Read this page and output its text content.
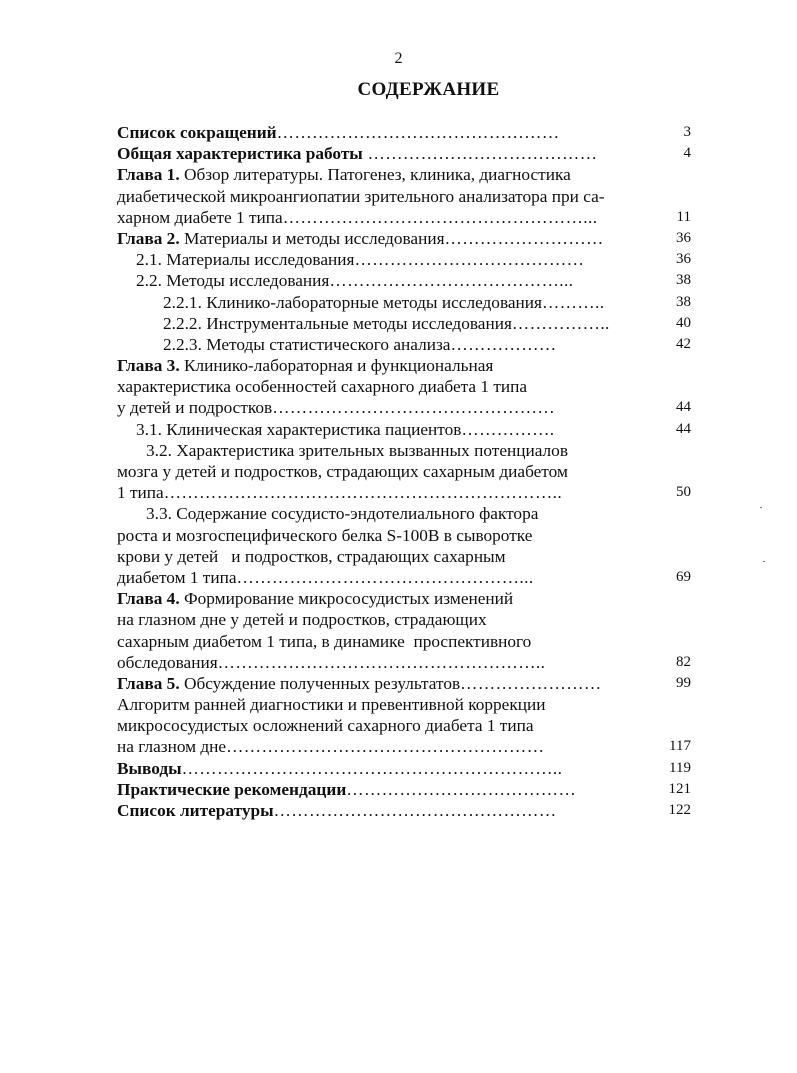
2
СОДЕРЖАНИЕ
Список сокращений…………………………………………	3
Общая характеристика работы …………………………………	4
Глава 1. Обзор литературы. Патогенез, клиника, диагностика
диабетической микроангиопатии зрительного анализатора при са-
харном диабете 1 типа……………………………………………...	11
Глава 2. Материалы и методы исследования………………………	36
2.1. Материалы исследования…………………………………	36
2.2. Методы исследования…………………………………...	38
2.2.1. Клинико-лабораторные методы исследования………..	38
2.2.2. Инструментальные методы исследования……………..	40
2.2.3. Методы статистического анализа………………	42
Глава 3. Клинико-лабораторная и функциональная
характеристика особенностей сахарного диабета 1 типа
у детей и подростков…………………………………………	44
3.1. Клиническая характеристика пациентов…………….	44
3.2. Характеристика зрительных вызванных потенциалов
мозга у детей и подростков, страдающих сахарным диабетом
1 типа…………………………………………………………..	50
3.3. Содержание сосудисто-эндотелиального фактора
роста и мозгоспецифического белка S-100B в сыворотке
крови у детей   и подростков, страдающих сахарным
диабетом 1 типа…………………………………………...	69
Глава 4. Формирование микрососудистых изменений
на глазном дне у детей и подростков, страдающих
сахарным диабетом 1 типа, в динамике  проспективного
обследования………………………………………………..	82
Глава 5. Обсуждение полученных результатов……………………	99
Алгоритм ранней диагностики и превентивной коррекции
микрососудистых осложнений сахарного диабета 1 типа
на глазном дне………………………………………………	117
Выводы………………………………………………………..	119
Практические рекомендации…………………………………	121
Список литературы…………………………………………	122
